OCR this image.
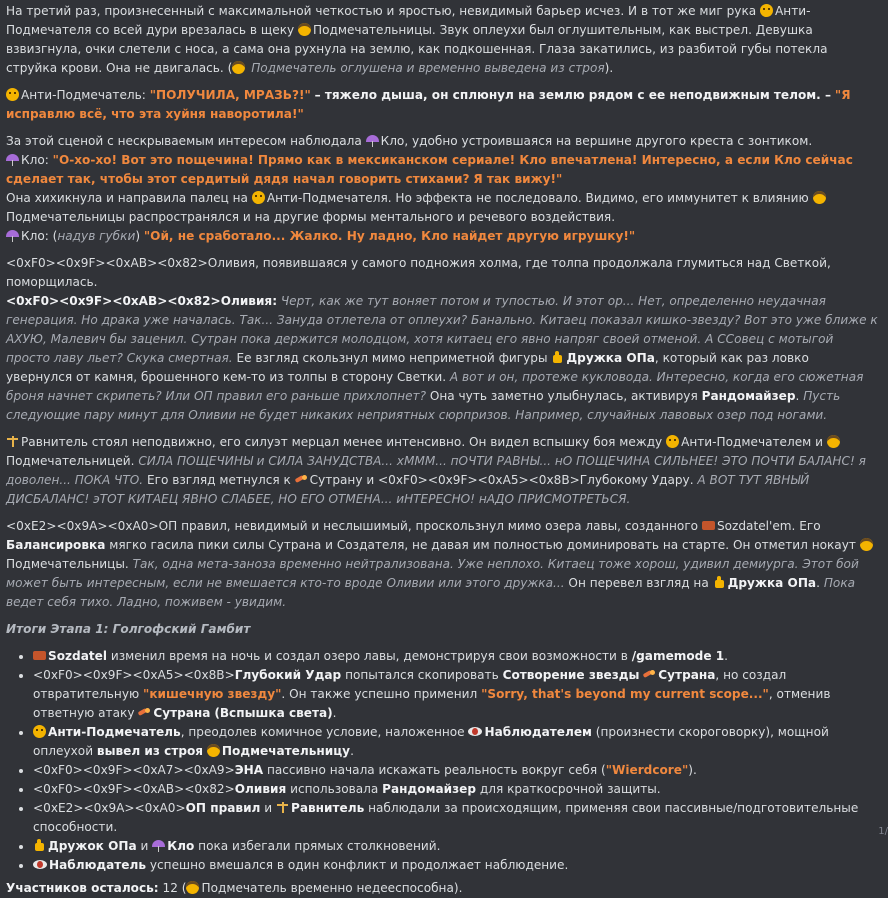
На третий раз, произнесенный с максимальной четкостью и яростью, невидимый барьер исчез. И в тот же миг рука Анти-Подмечателя со всей дури врезалась в щеку Подмечательницы. Звук оплеухи был оглушительным, как выстрел. Девушка взвизгнула, очки слетели с носа, а сама она рухнула на землю, как подкошенная. Глаза закатились, из разбитой губы потекла струйка крови. Она не двигалась. ( Подмечатель оглушена и временно выведена из строя).

Анти-Подмечатель: "ПОЛУЧИЛА, МРАЗЬ?!" – тяжело дыша, он сплюнул на землю рядом с ее неподвижным телом. – "Я исправлю всё, что эта хуйня наворотила!"

За этой сценой с нескрываемым интересом наблюдала Кло, удобно устроившаяся на вершине другого креста с зонтиком.
Кло: "О-хо-хо! Вот это пощечина! Прямо как в мексиканском сериале! Кло впечатлена! Интересно, а если Кло сейчас сделает так, чтобы этот сердитый дядя начал говорить стихами? Я так вижу!"
Она хихикнула и направила палец на Анти-Подмечателя. Но эффекта не последовало. Видимо, его иммунитет к влиянию Подмечательницы распространялся и на другие формы ментального и речевого воздействия.
Кло: (надув губки) "Ой, не сработало... Жалко. Ну ладно, Кло найдет другую игрушку!"

<0xF0><0x9F><0xAB><0x82>Оливия, появившаяся у самого подножия холма, где толпа продолжала глумиться над Светкой, поморщилась.
<0xF0><0x9F><0xAB><0x82>Оливия: Черт, как же тут воняет потом и тупостью. И этот ор... Нет, определенно неудачная генерация. Но драка уже началась. Так... Зануда отлетела от оплеухи? Банально. Китаец показал кишко-звезду? Вот это уже ближе к АХУЮ, Малевич бы заценил. Сутран пока держится молодцом, хотя китаец его явно напряг своей отменой. А ССовец с мотыгой просто лаву льет? Скука смертная. Ее взгляд скользнул мимо неприметной фигуры Дружка ОПа, который как раз ловко увернулся от камня, брошенного кем-то из толпы в сторону Светки. А вот и он, протеже кукловода. Интересно, когда его сюжетная броня начнет скрипеть? Или ОП правил его раньше прихлопнет? Она чуть заметно улыбнулась, активируя Рандомайзер. Пусть следующие пару минут для Оливии не будет никаких неприятных сюрпризов. Например, случайных лавовых озер под ногами.

Равнитель стоял неподвижно, его силуэт мерцал менее интенсивно. Он видел вспышку боя между Анти-Подмечателем и Подмечательницей. СИЛА ПОЩЕЧИНЫ и СИЛА ЗАНУДСТВА... хМММ... пОЧТИ РАВНЫ... нО ПОЩЕЧИНА СИЛЬНЕЕ! ЭТО ПОЧТИ БАЛАНС! я доволен... ПОКА ЧТО. Его взгляд метнулся к Сутрану и <0xF0><0x9F><0xA5><0x8B>Глубокому Удару. А ВОТ ТУТ ЯВНЫЙ ДИСБАЛАНС! эТОТ КИТАЕЦ ЯВНО СЛАБЕЕ, НО ЕГО ОТМЕНА... иНТЕРЕСНО! нАДО ПРИСМОТРЕТЬСЯ.

<0xE2><0x9A><0xA0>ОП правил, невидимый и неслышимый, проскользнул мимо озера лавы, созданного Sozdatel'em. Его Балансировка мягко гасила пики силы Сутрана и Создателя, не давая им полностью доминировать на старте. Он отметил нокаут Подмечательницы. Так, одна мета-заноза временно нейтрализована. Уже неплохо. Китаец тоже хорош, удивил демиурга. Этот бой может быть интересным, если не вмешается кто-то вроде Оливии или этого дружка... Он перевел взгляд на Дружка ОПа. Пока ведет себя тихо. Ладно, поживем - увидим.

Итоги Этапа 1: Голгофский Гамбит
• Sozdatel изменил время на ночь и создал озеро лавы, демонстрируя свои возможности в /gamemode 1.
• <0xF0><0x9F><0xA5><0x8B>Глубокий Удар попытался скопировать Сотворение звезды Сутрана, но создал отвратительную "кишечную звезду". Он также успешно применил "Sorry, that's beyond my current scope...", отменив ответную атаку Сутрана (Вспышка света).
• Анти-Подмечатель, преодолев комичное условие, наложенное Наблюдателем (произнести скороговорку), мощной оплеухой вывел из строя Подмечательницу.
• <0xF0><0x9F><0xA7><0xA9>ЭНА пассивно начала искажать реальность вокруг себя ("Wierdcore").
• <0xF0><0x9F><0xAB><0x82>Оливия использовала Рандомайзер для краткосрочной защиты.
• <0xE2><0x9A><0xA0>ОП правил и Равнитель наблюдали за происходящим, применяя свои пассивные/подготовительные способности.
• Дружок ОПа и Кло пока избегали прямых столкновений.
• Наблюдатель успешно вмешался в один конфликт и продолжает наблюдение.
Участников осталось: 12 ( Подмечатель временно недееспособна).
1/
